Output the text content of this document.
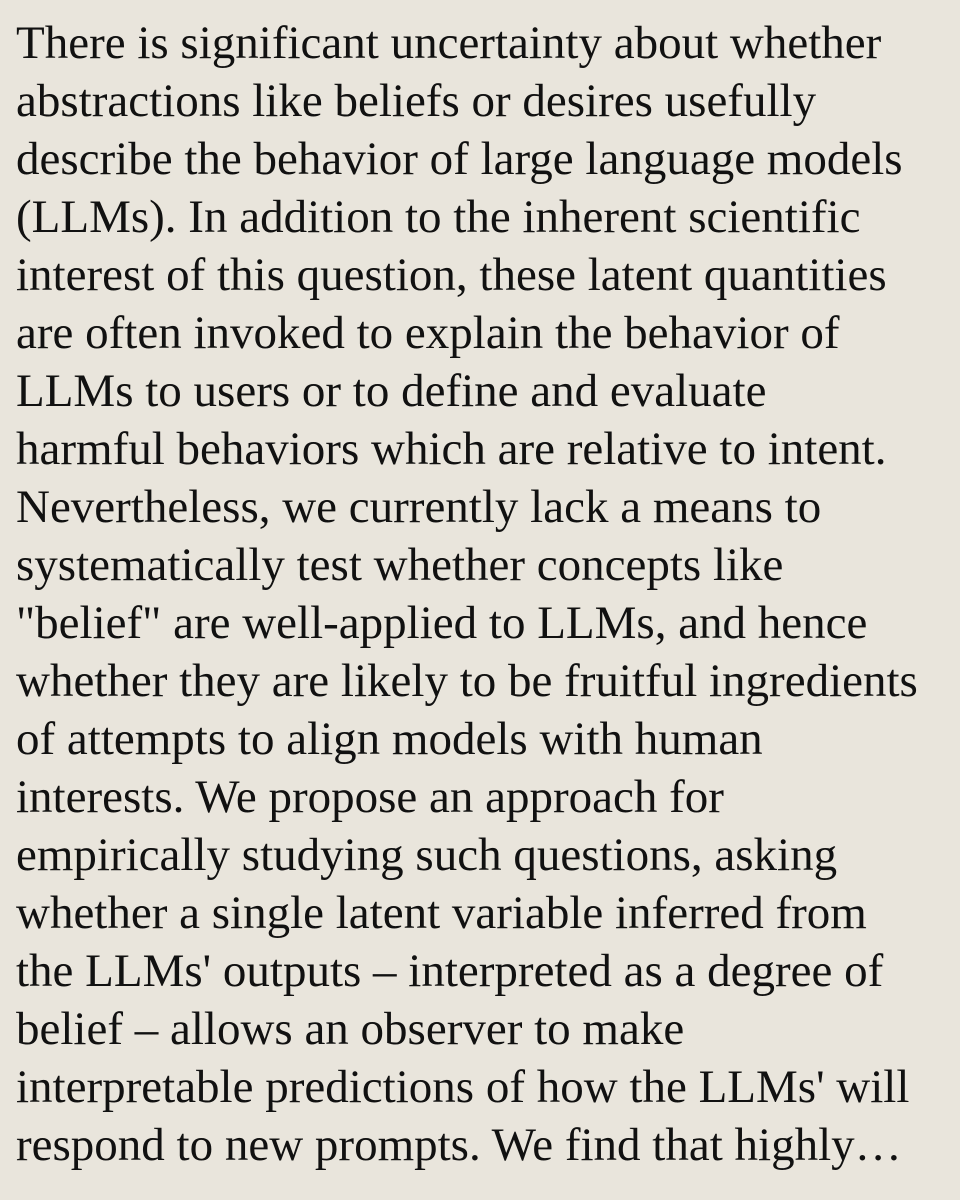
There is significant uncertainty about whether

abstractions like beliefs or desires usefully

describe the behavior of large language models

(LLMs). In addition to the inherent scientific

interest of this question, these latent quantities

are often invoked to explain the behavior of

LLMs to users or to define and evaluate

harmful behaviors which are relative to intent.

Nevertheless, we currently lack a means to

systematically test whether concepts like

"belief" are well-applied to LLMs, and hence

whether they are likely to be fruitful ingredients

of attempts to align models with human

interests. We propose an approach for

empirically studying such questions, asking

whether a single latent variable inferred from

the LLMs' outputs – interpreted as a degree of

belief – allows an observer to make

interpretable predictions of how the LLMs' will

respond to new prompts. We find that highly…
